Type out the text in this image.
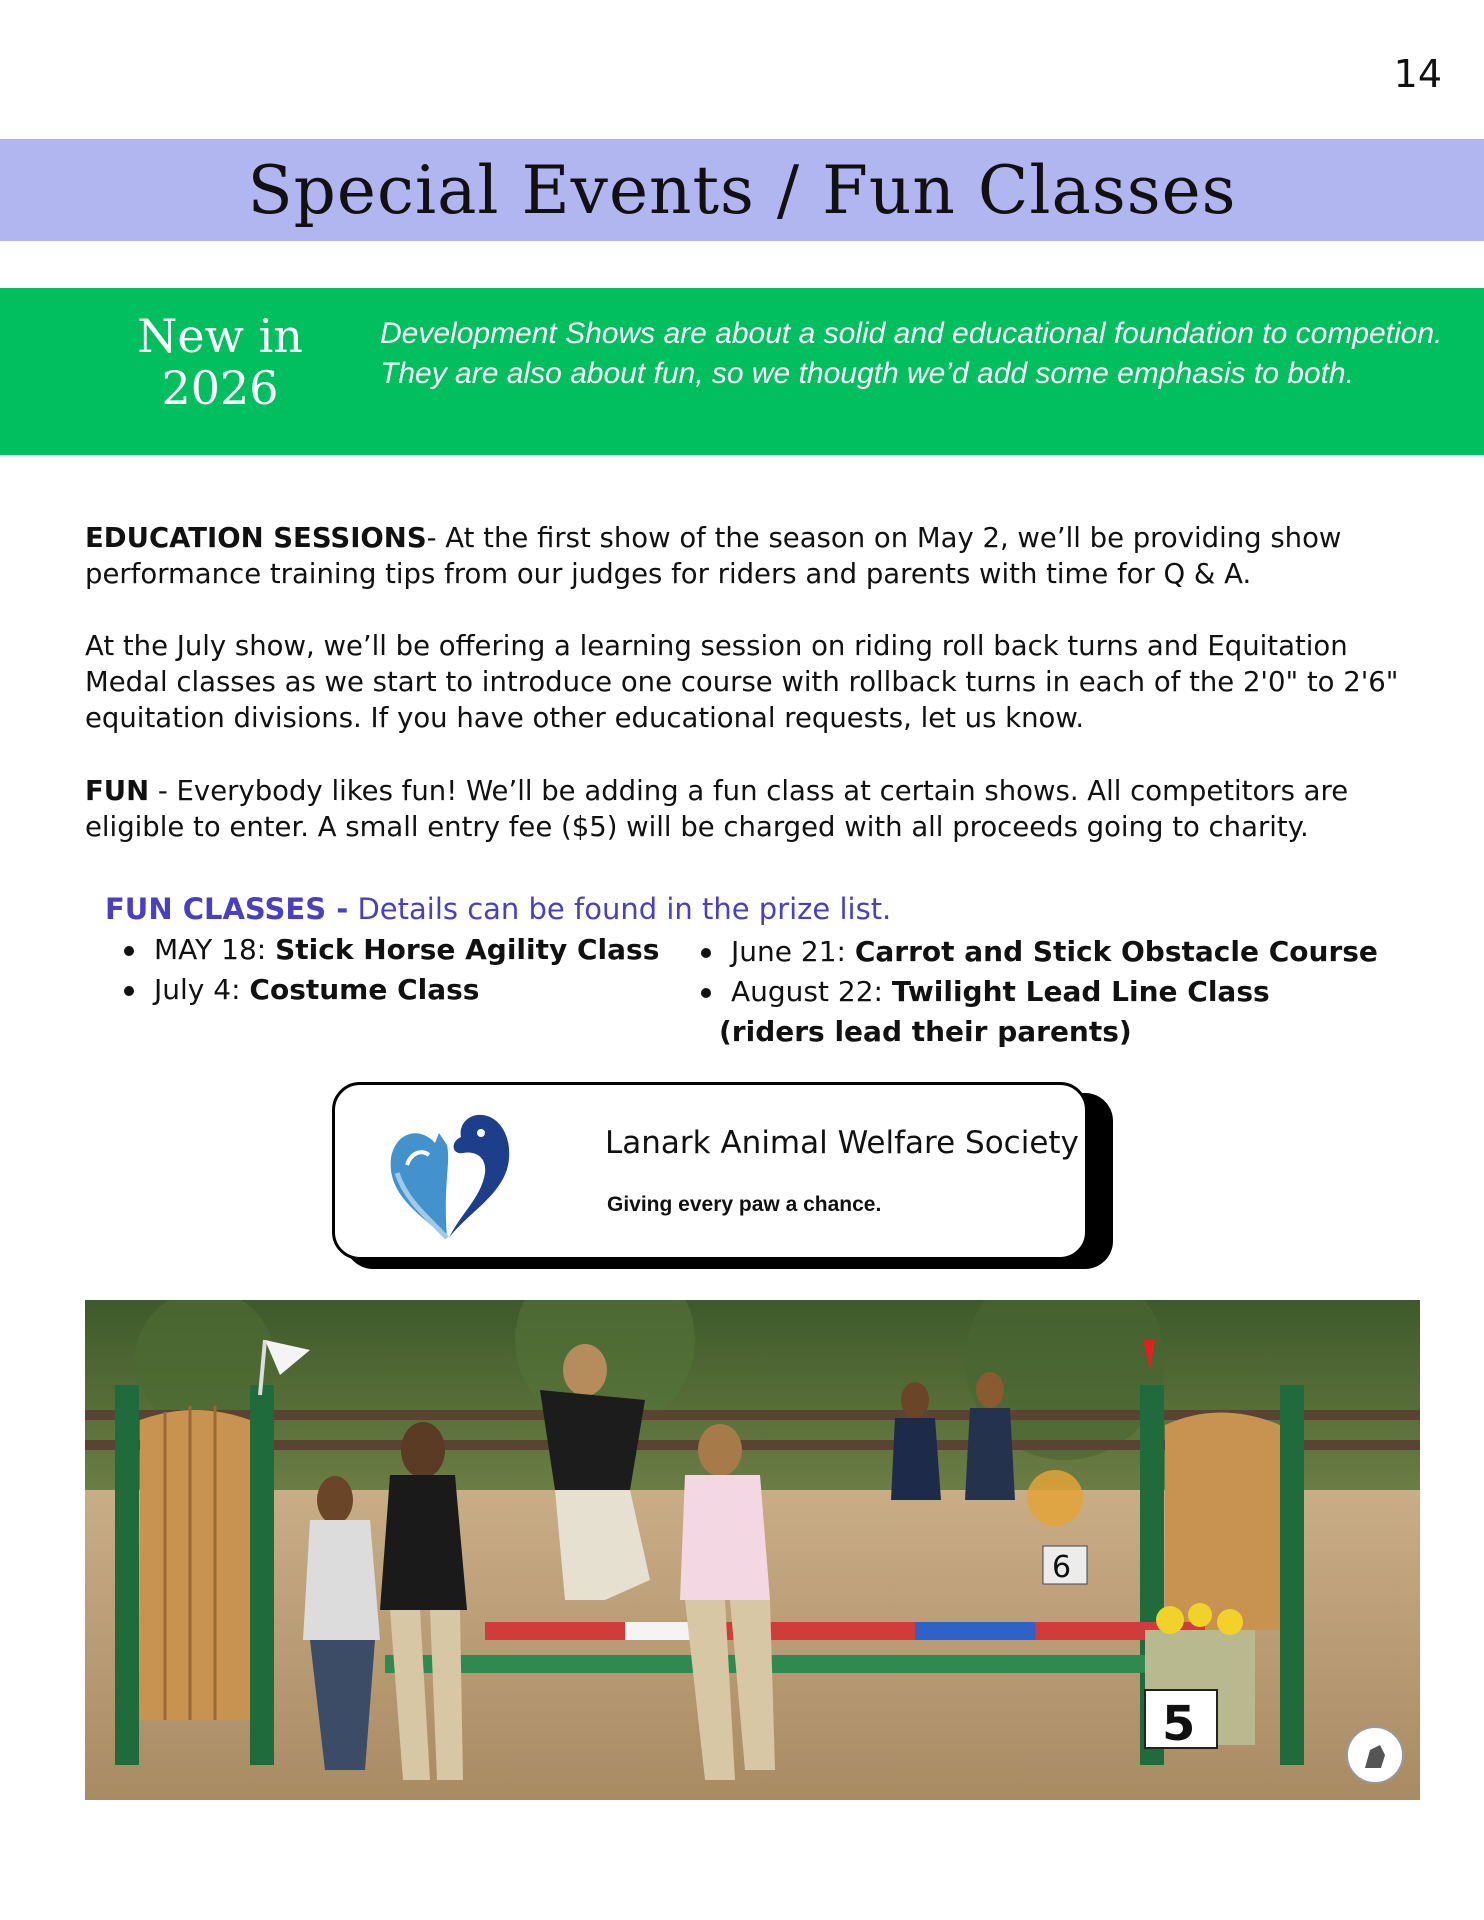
14
Special Events / Fun Classes
New in
2026
Development Shows are about a solid and educational foundation to competion. They are also about fun, so we thougth we’d add some emphasis to both.

EDUCATION SESSIONS- At the first show of the season on May 2, we’ll be providing show performance training tips from our judges for riders and parents with time for Q & A.

At the July show, we’ll be offering a learning session on riding roll back turns and Equitation Medal classes as we start to introduce one course with rollback turns in each of the 2'0" to 2'6" equitation divisions. If you have other educational requests, let us know.

FUN - Everybody likes fun! We’ll be adding a fun class at certain shows. All competitors are eligible to enter. A small entry fee ($5) will be charged with all proceeds going to charity.

FUN CLASSES - Details can be found in the prize list.
MAY 18: Stick Horse Agility Class
July 4: Costume Class
June 21: Carrot and Stick Obstacle Course
August 22: Twilight Lead Line Class
(riders lead their parents)
Lanark Animal Welfare Society
Giving every paw a chance.
5
6
